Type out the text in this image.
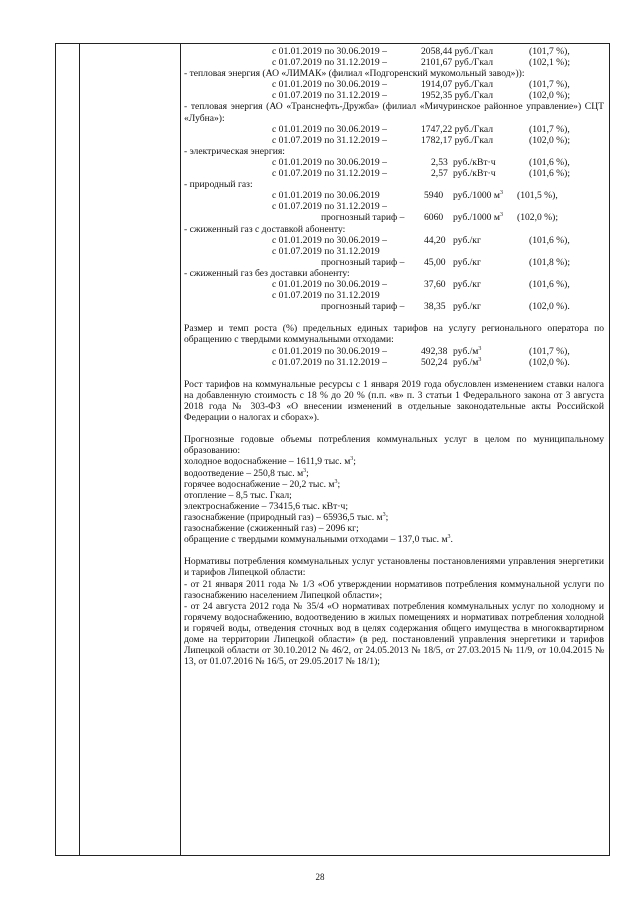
с 01.01.2019 по 30.06.2019 –	2058,44 руб./Гкал	(101,7 %),
с 01.07.2019 по 31.12.2019 –	2101,67 руб./Гкал	(102,1 %);
- тепловая энергия (АО «ЛИМАК» (филиал «Подгоренский мукомольный завод»)):
с 01.01.2019 по 30.06.2019 –	1914,07 руб./Гкал	(101,7 %),
с 01.07.2019 по 31.12.2019 –	1952,35 руб./Гкал	(102,0 %);
- тепловая энергия (АО «Транснефть-Дружба» (филиал «Мичуринское районное управление») СЦТ «Лубна»):
с 01.01.2019 по 30.06.2019 –	1747,22 руб./Гкал	(101,7 %),
с 01.07.2019 по 31.12.2019 –	1782,17 руб./Гкал	(102,0 %);
- электрическая энергия:
с 01.01.2019 по 30.06.2019 –	2,53 руб./кВт·ч	(101,6 %),
с 01.07.2019 по 31.12.2019 –	2,57 руб./кВт·ч	(101,6 %);
- природный газ:
с 01.01.2019 по 30.06.2019	5940 руб./1000 $м^3$ (101,5 %),
с 01.07.2019 по 31.12.2019 –
прогнозный тариф – 6060 руб./1000 $м^3$ (102,0 %);
- сжиженный газ с доставкой абоненту:
с 01.01.2019 по 30.06.2019 –	44,20 руб./кг	(101,6 %),
с 01.07.2019 по 31.12.2019
прогнозный тариф – 45,00 руб./кг	(101,8 %);
- сжиженный газ без доставки абоненту:
с 01.01.2019 по 30.06.2019 –	37,60 руб./кг	(101,6 %),
с 01.07.2019 по 31.12.2019
прогнозный тариф – 38,35 руб./кг	(102,0 %).
Размер и темп роста (%) предельных единых тарифов на услугу регионального оператора по обращению с твердыми коммунальными отходами:
с 01.01.2019 по 30.06.2019 –	492,38 $руб./м^3$	(101,7 %),
с 01.07.2019 по 31.12.2019 –	502,24 $руб./м^3$	(102,0 %).
Рост тарифов на коммунальные ресурсы с 1 января 2019 года обусловлен изменением ставки налога на добавленную стоимость с 18 % до 20 % (п.п. «в» п. 3 статьи 1 Федерального закона от 3 августа 2018 года № 303-ФЗ «О внесении изменений в отдельные законодательные акты Российской Федерации о налогах и сборах»).
Прогнозные годовые объемы потребления коммунальных услуг в целом по муниципальному образованию:
холодное водоснабжение – 1611,9 тыс. $м^3$;
водоотведение – 250,8 тыс. $м^3$;
горячее водоснабжение – 20,2 тыс. $м^3$;
отопление – 8,5 тыс. Гкал;
электроснабжение – 73415,6 тыс. кВт·ч;
газоснабжение (природный газ) – 65936,5 тыс. $м^3$;
газоснабжение (сжиженный газ) – 2096 кг;
обращение с твердыми коммунальными отходами – 137,0 тыс. $м^3$.
Нормативы потребления коммунальных услуг установлены постановлениями управления энергетики и тарифов Липецкой области:
- от 21 января 2011 года № 1/3 «Об утверждении нормативов потребления коммунальной услуги по газоснабжению населением Липецкой области»;
- от 24 августа 2012 года № 35/4 «О нормативах потребления коммунальных услуг по холодному и горячему водоснабжению, водоотведению в жилых помещениях и нормативах потребления холодной и горячей воды, отведения сточных вод в целях содержания общего имущества в многоквартирном доме на территории Липецкой области» (в ред. постановлений управления энергетики и тарифов Липецкой области от 30.10.2012 № 46/2, от 24.05.2013 № 18/5, от 27.03.2015 № 11/9, от 10.04.2015 № 13, от 01.07.2016 № 16/5, от 29.05.2017 № 18/1);
28
